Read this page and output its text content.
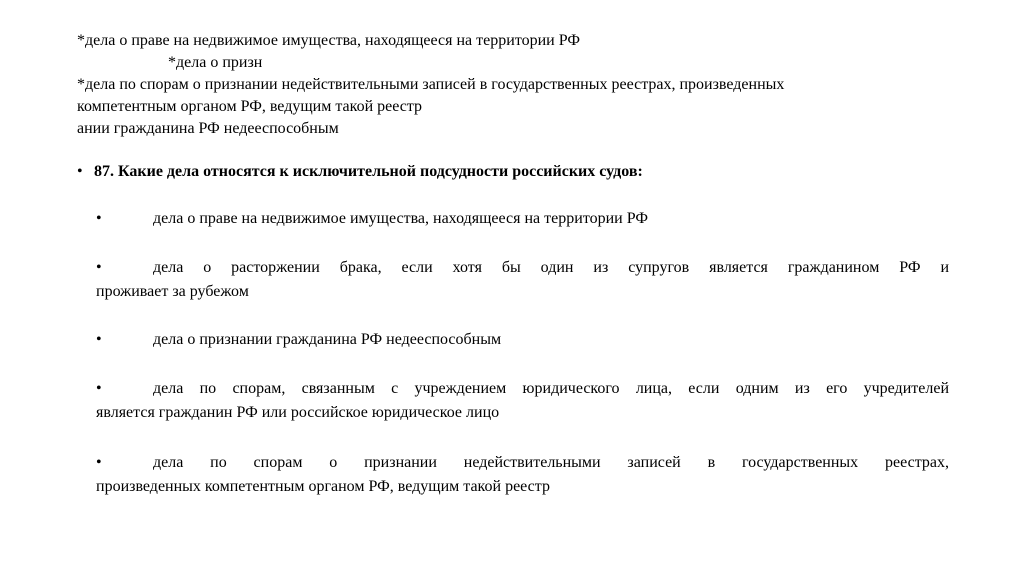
*дела о праве на недвижимое имущества, находящееся на территории РФ
*дела о призн
*дела по спорам о признании недействительными записей в государственных реестрах, произведенных
компетентным органом РФ, ведущим такой реестр
ании гражданина РФ недееспособным
• 87. Какие дела относятся к исключительной подсудности российских судов:
•	дела о праве на недвижимое имущества, находящееся на территории РФ
•	дела о расторжении брака, если хотя бы один из супругов является гражданином РФ и
проживает за рубежом
•	дела о признании гражданина РФ недееспособным
•	дела по спорам, связанным с учреждением юридического лица, если одним из его учредителей
является гражданин РФ или российское юридическое лицо
•	дела по спорам о признании недействительными записей в государственных реестрах,
произведенных компетентным органом РФ, ведущим такой реестр
